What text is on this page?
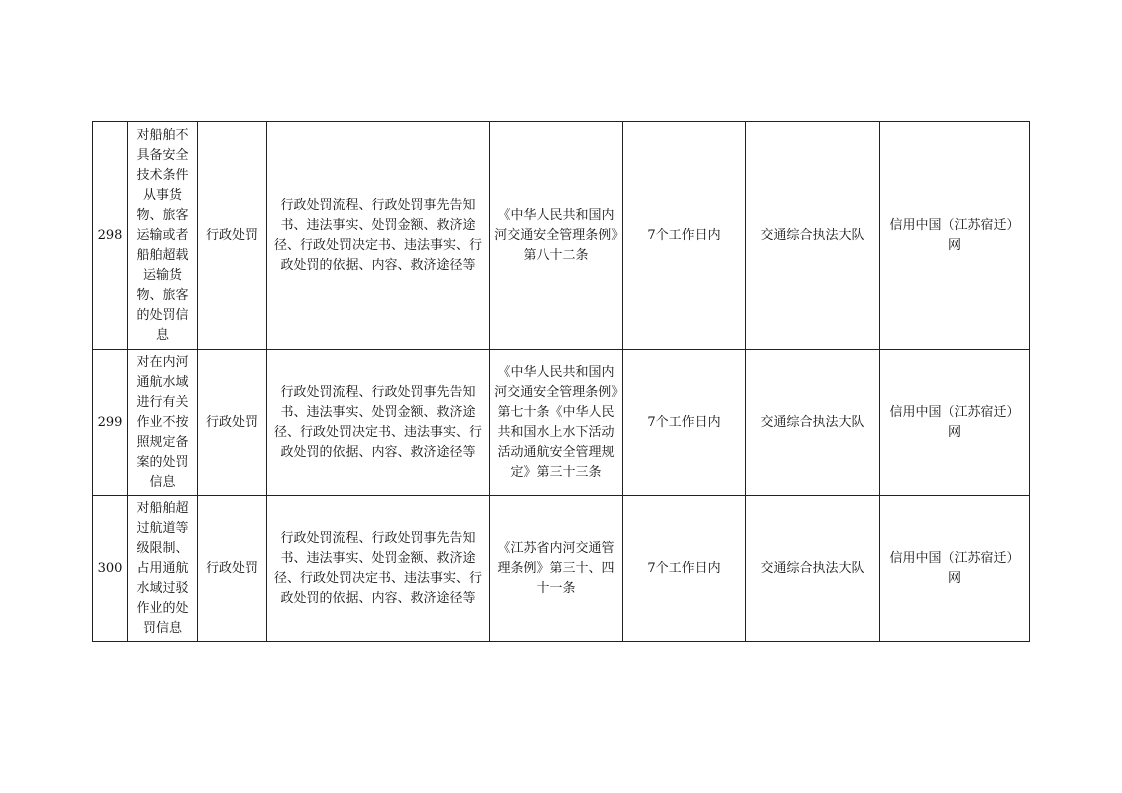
298	对船舶不具备安全技术条件从事货物、旅客运输或者船舶超载运输货物、旅客的处罚信息	行政处罚	行政处罚流程、行政处罚事先告知书、违法事实、处罚金额、救济途径、行政处罚决定书、违法事实、行政处罚的依据、内容、救济途径等	《中华人民共和国内河交通安全管理条例》第八十二条	7个工作日内	交通综合执法大队	信用中国（江苏宿迁）网
299	对在内河通航水域进行有关作业不按照规定备案的处罚信息	行政处罚	行政处罚流程、行政处罚事先告知书、违法事实、处罚金额、救济途径、行政处罚决定书、违法事实、行政处罚的依据、内容、救济途径等	《中华人民共和国内河交通安全管理条例》第七十条《中华人民共和国水上水下活动活动通航安全管理规定》第三十三条	7个工作日内	交通综合执法大队	信用中国（江苏宿迁）网
300	对船舶超过航道等级限制、占用通航水域过驳作业的处罚信息	行政处罚	行政处罚流程、行政处罚事先告知书、违法事实、处罚金额、救济途径、行政处罚决定书、违法事实、行政处罚的依据、内容、救济途径等	《江苏省内河交通管理条例》第三十、四十一条	7个工作日内	交通综合执法大队	信用中国（江苏宿迁）网
